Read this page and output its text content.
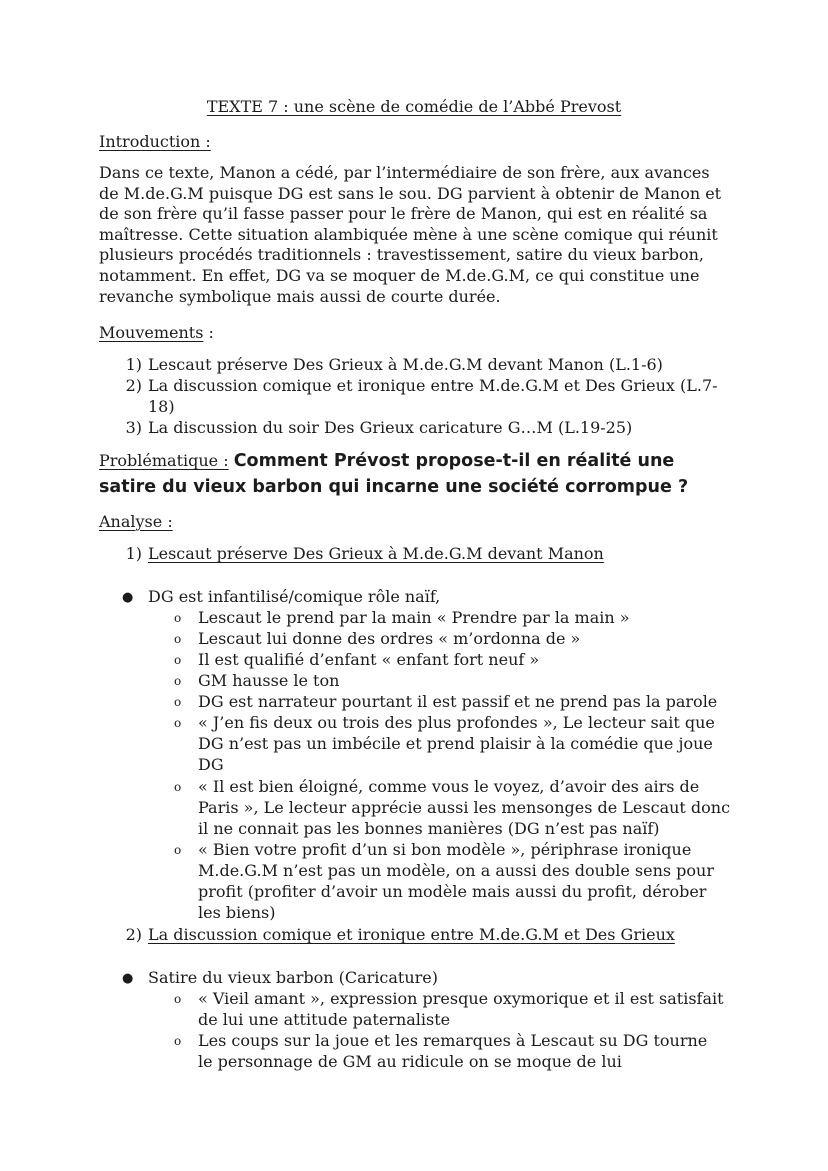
TEXTE 7 : une scène de comédie de l’Abbé Prevost
Introduction :
Dans ce texte, Manon a cédé, par l’intermédiaire de son frère, aux avances
de M.de.G.M puisque DG est sans le sou. DG parvient à obtenir de Manon et
de son frère qu’il fasse passer pour le frère de Manon, qui est en réalité sa
maîtresse. Cette situation alambiquée mène à une scène comique qui réunit
plusieurs procédés traditionnels : travestissement, satire du vieux barbon,
notamment. En effet, DG va se moquer de M.de.G.M, ce qui constitue une
revanche symbolique mais aussi de courte durée.
Mouvements :
1) Lescaut préserve Des Grieux à M.de.G.M devant Manon (L.1-6)
2) La discussion comique et ironique entre M.de.G.M et Des Grieux (L.7-
18)
3) La discussion du soir Des Grieux caricature G…M (L.19-25)
Problématique : Comment Prévost propose-t-il en réalité une
satire du vieux barbon qui incarne une société corrompue ?
Analyse :
1) Lescaut préserve Des Grieux à M.de.G.M devant Manon
● DG est infantilisé/comique rôle naïf,
o Lescaut le prend par la main « Prendre par la main »
o Lescaut lui donne des ordres « m’ordonna de »
o Il est qualifié d’enfant « enfant fort neuf »
o GM hausse le ton
o DG est narrateur pourtant il est passif et ne prend pas la parole
o « J’en fis deux ou trois des plus profondes », Le lecteur sait que
DG n’est pas un imbécile et prend plaisir à la comédie que joue
DG
o « Il est bien éloigné, comme vous le voyez, d’avoir des airs de
Paris », Le lecteur apprécie aussi les mensonges de Lescaut donc
il ne connait pas les bonnes manières (DG n’est pas naïf)
o « Bien votre profit d’un si bon modèle », périphrase ironique
M.de.G.M n’est pas un modèle, on a aussi des double sens pour
profit (profiter d’avoir un modèle mais aussi du profit, dérober
les biens)
2) La discussion comique et ironique entre M.de.G.M et Des Grieux
● Satire du vieux barbon (Caricature)
o « Vieil amant », expression presque oxymorique et il est satisfait
de lui une attitude paternaliste
o Les coups sur la joue et les remarques à Lescaut su DG tourne
le personnage de GM au ridicule on se moque de lui
